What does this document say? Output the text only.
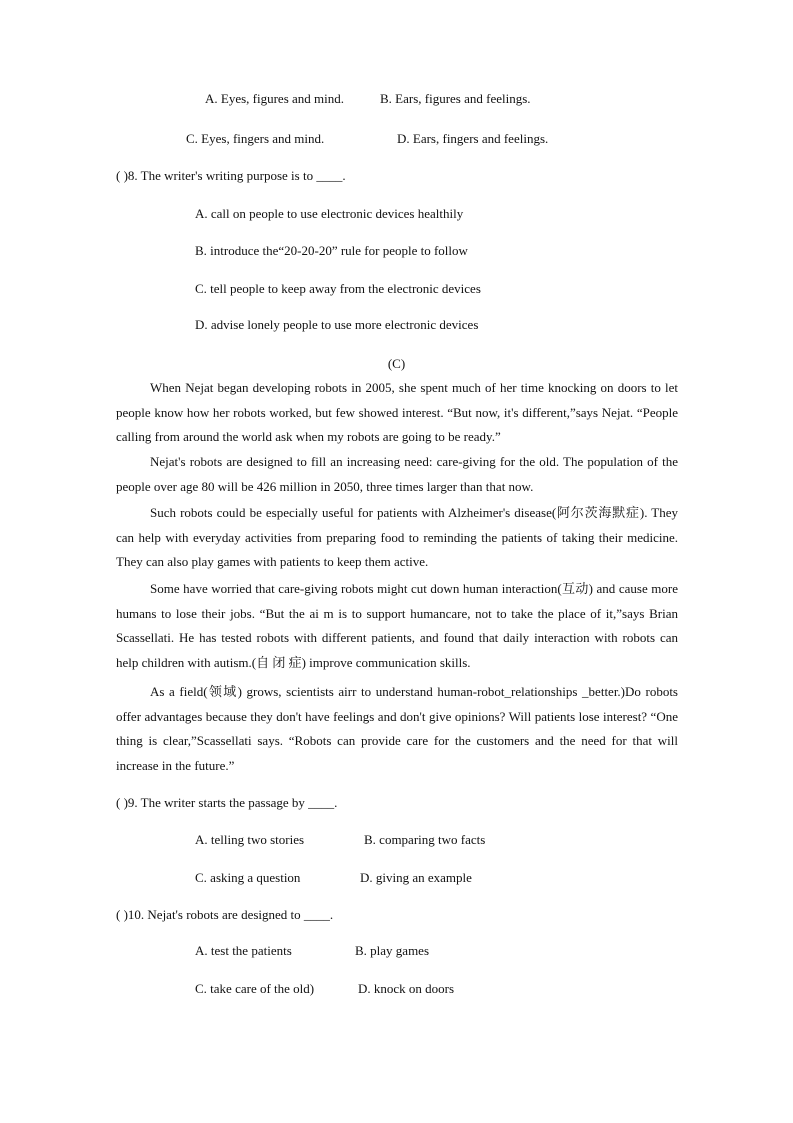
A. Eyes, figures and mind.	B. Ears, figures and feelings.
C. Eyes, fingers and mind.	D. Ears, fingers and feelings.
( )8. The writer's writing purpose is to ____.
A. call on people to use electronic devices healthily
B. introduce the“20-20-20” rule for people to follow
C. tell people to keep away from the electronic devices
D. advise lonely people to use more electronic devices
(C)

When Nejat began developing robots in 2005, she spent much of her time knocking on doors to let people know how her robots worked, but few showed interest. “But now, it's different,”says Nejat. “People calling from around the world ask when my robots are going to be ready.”

Nejat's robots are designed to fill an increasing need: care-giving for the old. The population of the people over age 80 will be 426 million in 2050, three times larger than that now.

Such robots could be especially useful for patients with Alzheimer's disease(阿尔茨海默症). They can help with everyday activities from preparing food to reminding the patients of taking their medicine. They can also play games with patients to keep them active.

Some have worried that care-giving robots might cut down human interaction(互动) and cause more humans to lose their jobs. “But the ai m is to support humancare, not to take the place of it,”says Brian Scassellati. He has tested robots with different patients, and found that daily interaction with robots can help children with autism.(自 闭 症) improve communication skills.

As a field(领域) grows, scientists airr to understand human-robot_relationships _better.)Do robots offer advantages because they don't have feelings and don't give opinions? Will patients lose interest? “One thing is clear,”Scassellati says. “Robots can provide care for the customers and the need for that will increase in the future.”

( )9. The writer starts the passage by ____.
A. telling two stories	B. comparing two facts
C. asking a question	D. giving an example
( )10. Nejat's robots are designed to ____.
A. test the patients	B. play games
C. take care of the old)	D. knock on doors
